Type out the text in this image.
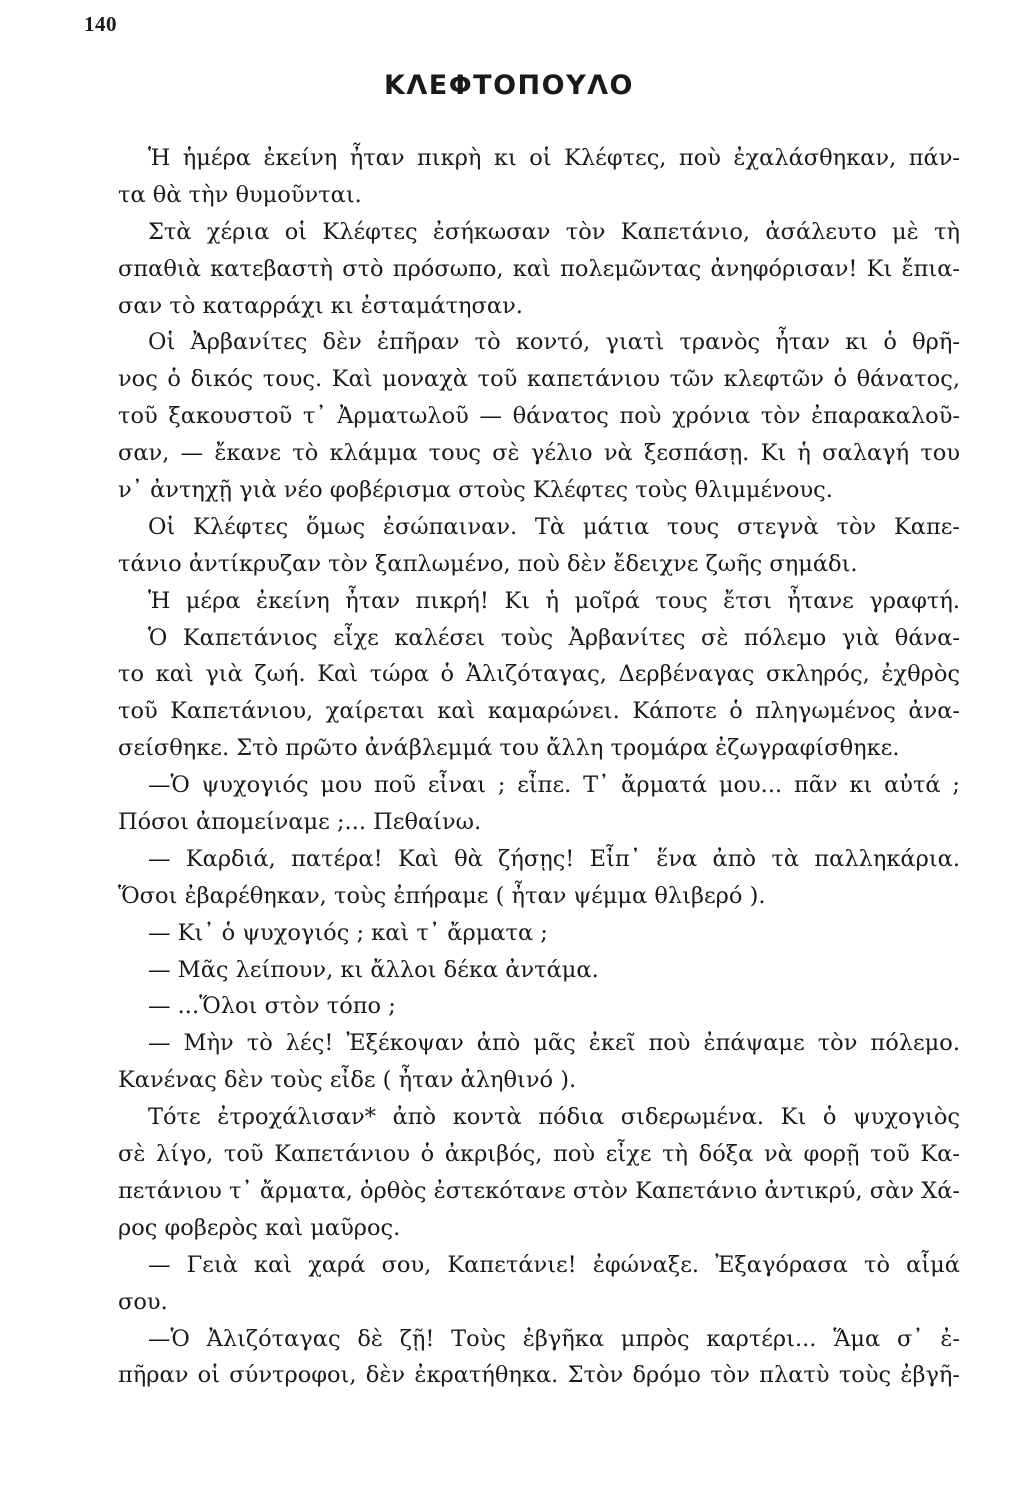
140
ΚΛΕΦΤΟΠΟΥΛΟ
Ἡ ἡμέρα ἐκείνη ἦταν πικρὴ κι οἱ Κλέφτες, ποὺ ἐχαλάσθηκαν, πάν-
τα θὰ τὴν θυμοῦνται.
Στὰ χέρια οἱ Κλέφτες ἐσήκωσαν τὸν Καπετάνιο, ἀσάλευτο μὲ τὴ
σπαθιὰ κατεβαστὴ στὸ πρόσωπο, καὶ πολεμῶντας ἀνηφόρισαν! Κι ἔπια-
σαν τὸ καταρράχι κι ἐσταμάτησαν.
Οἱ Ἀρβανίτες δὲν ἐπῆραν τὸ κοντό, γιατὶ τρανὸς ἦταν κι ὁ θρῆ-
νος ὁ δικός τους. Καὶ μοναχὰ τοῦ καπετάνιου τῶν κλεφτῶν ὁ θάνατος,
τοῦ ξακουστοῦ τ᾽ Ἀρματωλοῦ — θάνατος ποὺ χρόνια τὸν ἐπαρακαλοῦ-
σαν, — ἔκανε τὸ κλάμμα τους σὲ γέλιο νὰ ξεσπάσῃ. Κι ἡ σαλαγή του
ν᾽ ἀντηχῇ γιὰ νέο φοβέρισμα στοὺς Κλέφτες τοὺς θλιμμένους.
Οἱ Κλέφτες ὅμως ἐσώπαιναν. Τὰ μάτια τους στεγνὰ τὸν Καπε-
τάνιο ἀντίκρυζαν τὸν ξαπλωμένο, ποὺ δὲν ἔδειχνε ζωῆς σημάδι.
Ἡ μέρα ἐκείνη ἦταν πικρή! Κι ἡ μοῖρά τους ἔτσι ἦτανε γραφτή.
Ὁ Καπετάνιος εἶχε καλέσει τοὺς Ἀρβανίτες σὲ πόλεμο γιὰ θάνα-
το καὶ γιὰ ζωή. Καὶ τώρα ὁ Ἀλιζόταγας, Δερβέναγας σκληρός, ἐχθρὸς
τοῦ Καπετάνιου, χαίρεται καὶ καμαρώνει. Κάποτε ὁ πληγωμένος ἀνα-
σείσθηκε. Στὸ πρῶτο ἀνάβλεμμά του ἄλλη τρομάρα ἐζωγραφίσθηκε.
—Ὁ ψυχογιός μου ποῦ εἶναι ; εἶπε. Τ᾽ ἄρματά μου... πᾶν κι αὐτά ;
Πόσοι ἀπομείναμε ;... Πεθαίνω.
— Καρδιά, πατέρα! Καὶ θὰ ζήσῃς! Εἶπ᾽ ἕνα ἀπὸ τὰ παλληκάρια.
Ὅσοι ἐβαρέθηκαν, τοὺς ἐπήραμε ( ἦταν ψέμμα θλιβερό ).
— Κι᾽ ὁ ψυχογιός ; καὶ τ᾽ ἄρματα ;
— Μᾶς λείπουν, κι ἄλλοι δέκα ἀντάμα.
— ...Ὅλοι στὸν τόπο ;
— Μὴν τὸ λές! Ἐξέκοψαν ἀπὸ μᾶς ἐκεῖ ποὺ ἐπάψαμε τὸν πόλεμο.
Κανένας δὲν τοὺς εἶδε ( ἦταν ἀληθινό ).
Τότε ἐτροχάλισαν* ἀπὸ κοντὰ πόδια σιδερωμένα. Κι ὁ ψυχογιὸς
σὲ λίγο, τοῦ Καπετάνιου ὁ ἀκριβός, ποὺ εἶχε τὴ δόξα νὰ φορῇ τοῦ Κα-
πετάνιου τ᾽ ἄρματα, ὀρθὸς ἐστεκότανε στὸν Καπετάνιο ἀντικρύ, σὰν Χά-
ρος φοβερὸς καὶ μαῦρος.
— Γειὰ καὶ χαρά σου, Καπετάνιε! ἐφώναξε. Ἐξαγόρασα τὸ αἷμά
σου.
—Ὁ Ἀλιζόταγας δὲ ζῇ! Τοὺς ἐβγῆκα μπρὸς καρτέρι... Ἅμα σ᾽ ἐ-
πῆραν οἱ σύντροφοι, δὲν ἐκρατήθηκα. Στὸν δρόμο τὸν πλατὺ τοὺς ἐβγῆ-
